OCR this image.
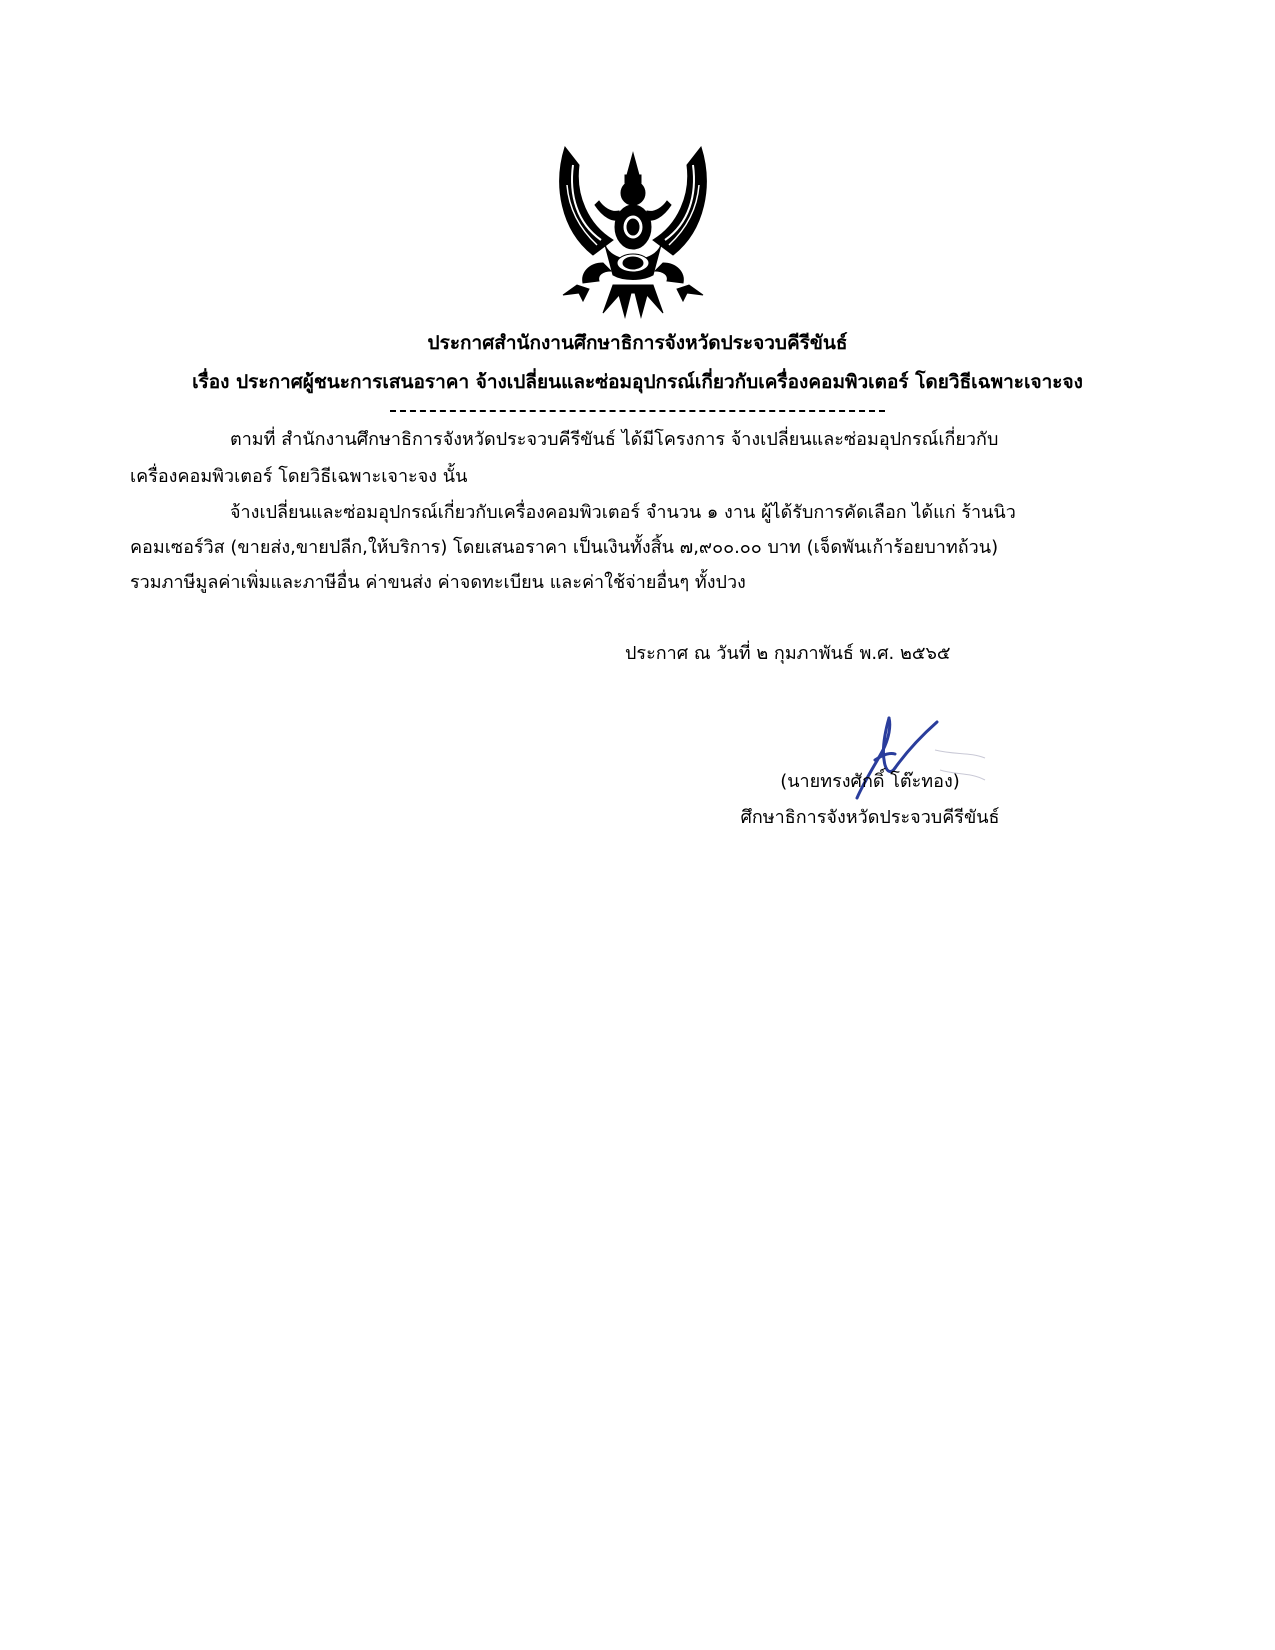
ประกาศสำนักงานศึกษาธิการจังหวัดประจวบคีรีขันธ์
เรื่อง ประกาศผู้ชนะการเสนอราคา จ้างเปลี่ยนและซ่อมอุปกรณ์เกี่ยวกับเครื่องคอมพิวเตอร์ โดยวิธีเฉพาะเจาะจง
ตามที่ สำนักงานศึกษาธิการจังหวัดประจวบคีรีขันธ์ ได้มีโครงการ จ้างเปลี่ยนและซ่อมอุปกรณ์เกี่ยวกับ
เครื่องคอมพิวเตอร์ โดยวิธีเฉพาะเจาะจง นั้น
จ้างเปลี่ยนและซ่อมอุปกรณ์เกี่ยวกับเครื่องคอมพิวเตอร์ จำนวน ๑ งาน ผู้ได้รับการคัดเลือก ได้แก่ ร้านนิว
คอมเซอร์วิส (ขายส่ง,ขายปลีก,ให้บริการ) โดยเสนอราคา เป็นเงินทั้งสิ้น ๗,๙๐๐.๐๐ บาท (เจ็ดพันเก้าร้อยบาทถ้วน)
รวมภาษีมูลค่าเพิ่มและภาษีอื่น ค่าขนส่ง ค่าจดทะเบียน และค่าใช้จ่ายอื่นๆ ทั้งปวง
ประกาศ ณ วันที่ ๒ กุมภาพันธ์ พ.ศ. ๒๕๖๕
(นายทรงศักดิ์ โต๊ะทอง)
ศึกษาธิการจังหวัดประจวบคีรีขันธ์
